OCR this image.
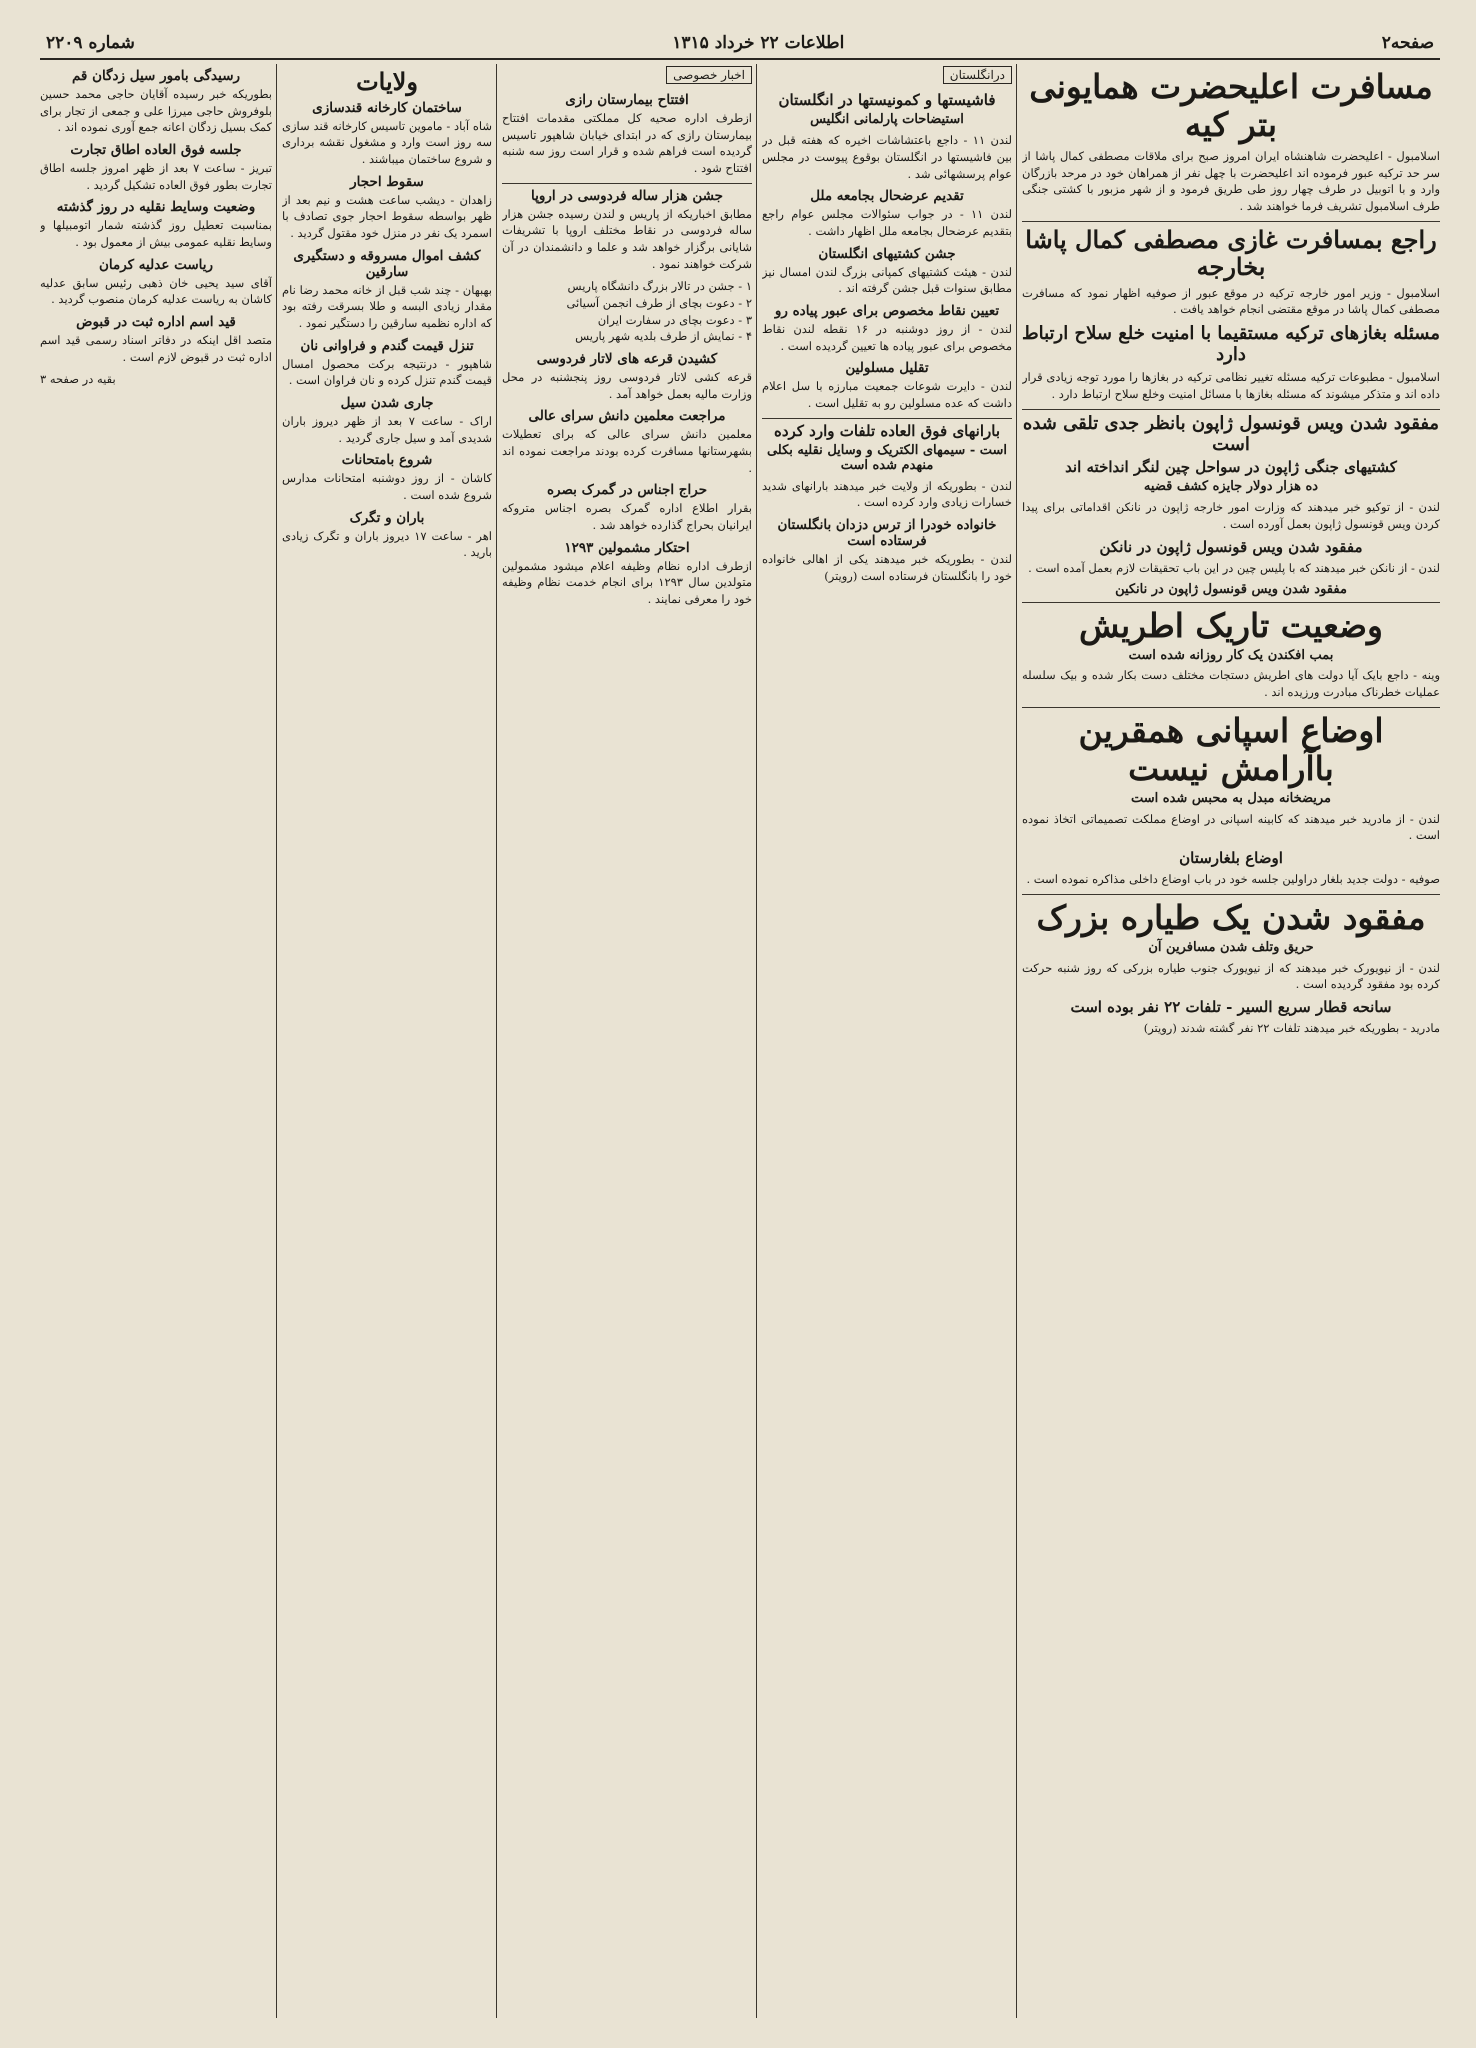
صفحه۲
اطلاعات ۲۲ خرداد ۱۳۱۵
شماره ۲۲۰۹
مسافرت اعلیحضرت همایونی بتر کیه
اسلامبول - اعلیحضرت شاهنشاه ایران امروز صبح برای ملاقات مصطفی کمال پاشا از سر حد ترکیه عبور فرموده اند اعلیحضرت با چهل نفر از همراهان خود در مرحد بازرگان وارد و با اتوبیل در طرف چهار روز طی طریق فرمود و از شهر مزبور با کشتی جنگی طرف اسلامبول تشریف فرما خواهند شد .
راجع بمسافرت غازی مصطفی کمال پاشا بخارجه
اسلامبول - وزیر امور خارجه ترکیه در موقع عبور از صوفیه اظهار نمود که مسافرت مصطفی کمال پاشا در موقع مقتضی انجام خواهد یافت .
مسئله بغازهای ترکیه مستقیما با امنیت خلع سلاح ارتباط دارد
اسلامبول - مطبوعات ترکیه مسئله تغییر نظامی ترکیه در بغازها را مورد توجه زیادی قرار داده اند و متذکر میشوند که مسئله بغازها با مسائل امنیت وخلع سلاح ارتباط دارد .
مفقود شدن ویس قونسول ژاپون بانظر جدی تلقی شده است
کشتیهای جنگی ژاپون در سواحل چین لنگر انداخته اند
ده هزار دولار جایزه کشف قضیه
لندن - از توکیو خبر میدهند که وزارت امور خارجه ژاپون در نانکن اقداماتی برای پیدا کردن ویس قونسول ژاپون بعمل آورده است .
مفقود شدن ویس قونسول ژاپون در نانکن
لندن - از نانکن خبر میدهند که با پلیس چین در این باب تحقیقات لازم بعمل آمده است .
مفقود شدن ویس قونسول ژاپون در نانکین
وضعیت تاریک اطریش
بمب افکندن یک کار روزانه شده است
وینه - داجع بایک آیا دولت های اطریش دستجات مختلف دست بکار شده و بیک سلسله عملیات خطرناک مبادرت ورزیده اند .
اوضاع اسپانی همقرین باآرامش نیست
مریضخانه مبدل به محبس شده است
لندن - از مادرید خبر میدهند که کابینه اسپانی در اوضاع مملکت تصمیماتی اتخاذ نموده است .
اوضاع بلغارستان
صوفیه - دولت جدید بلغار دراولین جلسه خود در باب اوضاع داخلی مذاکره نموده است .
مفقود شدن یک طیاره بزرک
حریق وتلف شدن مسافرین آن
لندن - از نیویورک خبر میدهند که از نیویورک جنوب طیاره بزرکی که روز شنبه حرکت کرده بود مفقود گردیده است .
سانحه قطار سریع السیر - تلفات ۲۲ نفر بوده است
مادرید - بطوریکه خبر میدهند تلفات ۲۲ نفر گشته شدند (رویتر)
درانگلستان
فاشیستها و کمونیستها در انگلستان
استیضاحات پارلمانی انگلیس
لندن ۱۱ - داجع باعتشاشات اخیره که هفته قبل در بین فاشیستها در انگلستان بوقوع پیوست در مجلس عوام پرسشهائی شد .
تقدیم عرضحال بجامعه ملل
لندن ۱۱ - در جواب سئوالات مجلس عوام راجع بتقدیم عرضحال بجامعه ملل اظهار داشت .
جشن کشتیهای انگلستان
لندن - هیئت کشتیهای کمپانی بزرگ لندن امسال نیز مطابق سنوات قبل جشن گرفته اند .
تعیین نقاط مخصوص برای عبور پیاده رو
لندن - از روز دوشنبه در ۱۶ نقطه لندن نقاط مخصوص برای عبور پیاده ها تعیین گردیده است .
تقلیل مسلولین
لندن - دایرت شوعات جمعیت مبارزه با سل اعلام داشت که عده مسلولین رو به تقلیل است .
بارانهای فوق العاده تلفات وارد کرده
است - سیمهای الکتریک و وسایل نقلیه بکلی منهدم شده است
لندن - بطوریکه از ولایت خبر میدهند بارانهای شدید خسارات زیادی وارد کرده است .
خانواده خودرا از ترس دزدان بانگلستان فرستاده است
لندن - بطوریکه خبر میدهند یکی از اهالی خانواده خود را بانگلستان فرستاده است (رویتر)
اخبار خصوصی
افتتاح بیمارستان رازی
ازطرف اداره صحیه کل مملکتی مقدمات افتتاح بیمارستان رازی که در ابتدای خیابان شاهپور تاسیس گردیده است فراهم شده و قرار است روز سه شنبه افتتاح شود .
جشن هزار ساله فردوسی در اروپا
مطابق اخباریکه از پاریس و لندن رسیده جشن هزار ساله فردوسی در نقاط مختلف اروپا با تشریفات شایانی برگزار خواهد شد و علما و دانشمندان در آن شرکت خواهند نمود .
۱ - جشن در تالار بزرگ دانشگاه پاریس
۲ - دعوت بچای از طرف انجمن آسیائی
۳ - دعوت بچای در سفارت ایران
۴ - نمایش از طرف بلدیه شهر پاریس
کشیدن قرعه های لاتار فردوسی
قرعه کشی لاتار فردوسی روز پنجشنبه در محل وزارت مالیه بعمل خواهد آمد .
مراجعت معلمین دانش سرای عالی
معلمین دانش سرای عالی که برای تعطیلات بشهرستانها مسافرت کرده بودند مراجعت نموده اند .
حراج اجناس در گمرک بصره
بقرار اطلاع اداره گمرک بصره اجناس متروکه ایرانیان بحراج گذارده خواهد شد .
احتکار مشمولین ۱۲۹۳
ازطرف اداره نظام وظیفه اعلام میشود مشمولین متولدین سال ۱۲۹۳ برای انجام خدمت نظام وظیفه خود را معرفی نمایند .
ولایات
ساختمان کارخانه قندسازی
شاه آباد - ماموین تاسیس کارخانه قند سازی سه روز است وارد و مشغول نقشه برداری و شروع ساختمان میباشند .
سقوط احجار
زاهدان - دیشب ساعت هشت و نیم بعد از ظهر بواسطه سقوط احجار جوی تصادف با اسمرد یک نفر در منزل خود مقتول گردید .
کشف اموال مسروقه و دستگیری سارقین
بهبهان - چند شب قبل از خانه محمد رضا نام مقدار زیادی البسه و طلا بسرقت رفته بود که اداره نظمیه سارقین را دستگیر نمود .
تنزل قیمت گندم و فراوانی نان
شاهپور - درنتیجه برکت محصول امسال قیمت گندم تنزل کرده و نان فراوان است .
جاری شدن سیل
اراک - ساعت ۷ بعد از ظهر دیروز باران شدیدی آمد و سیل جاری گردید .
شروع بامتحانات
کاشان - از روز دوشنبه امتحانات مدارس شروع شده است .
باران و تگرک
اهر - ساعت ۱۷ دیروز باران و تگرک زیادی بارید .
رسیدگی بامور سیل زدگان قم
بطوریکه خبر رسیده آقایان حاجی محمد حسین بلوفروش حاجی میرزا علی و جمعی از تجار برای کمک بسیل زدگان اعانه جمع آوری نموده اند .
جلسه فوق العاده اطاق تجارت
تبریز - ساعت ۷ بعد از ظهر امروز جلسه اطاق تجارت بطور فوق العاده تشکیل گردید .
وضعیت وسایط نقلیه در روز گذشته
بمناسبت تعطیل روز گذشته شمار اتومبیلها و وسایط نقلیه عمومی بیش از معمول بود .
ریاست عدلیه کرمان
آقای سید یحیی خان ذهبی رئیس سابق عدلیه کاشان به ریاست عدلیه کرمان منصوب گردید .
قید اسم اداره ثبت در قبوض
متصد اقل اینکه در دفاتر اسناد رسمی قید اسم اداره ثبت در قبوض لازم است .
بقیه در صفحه ۳
